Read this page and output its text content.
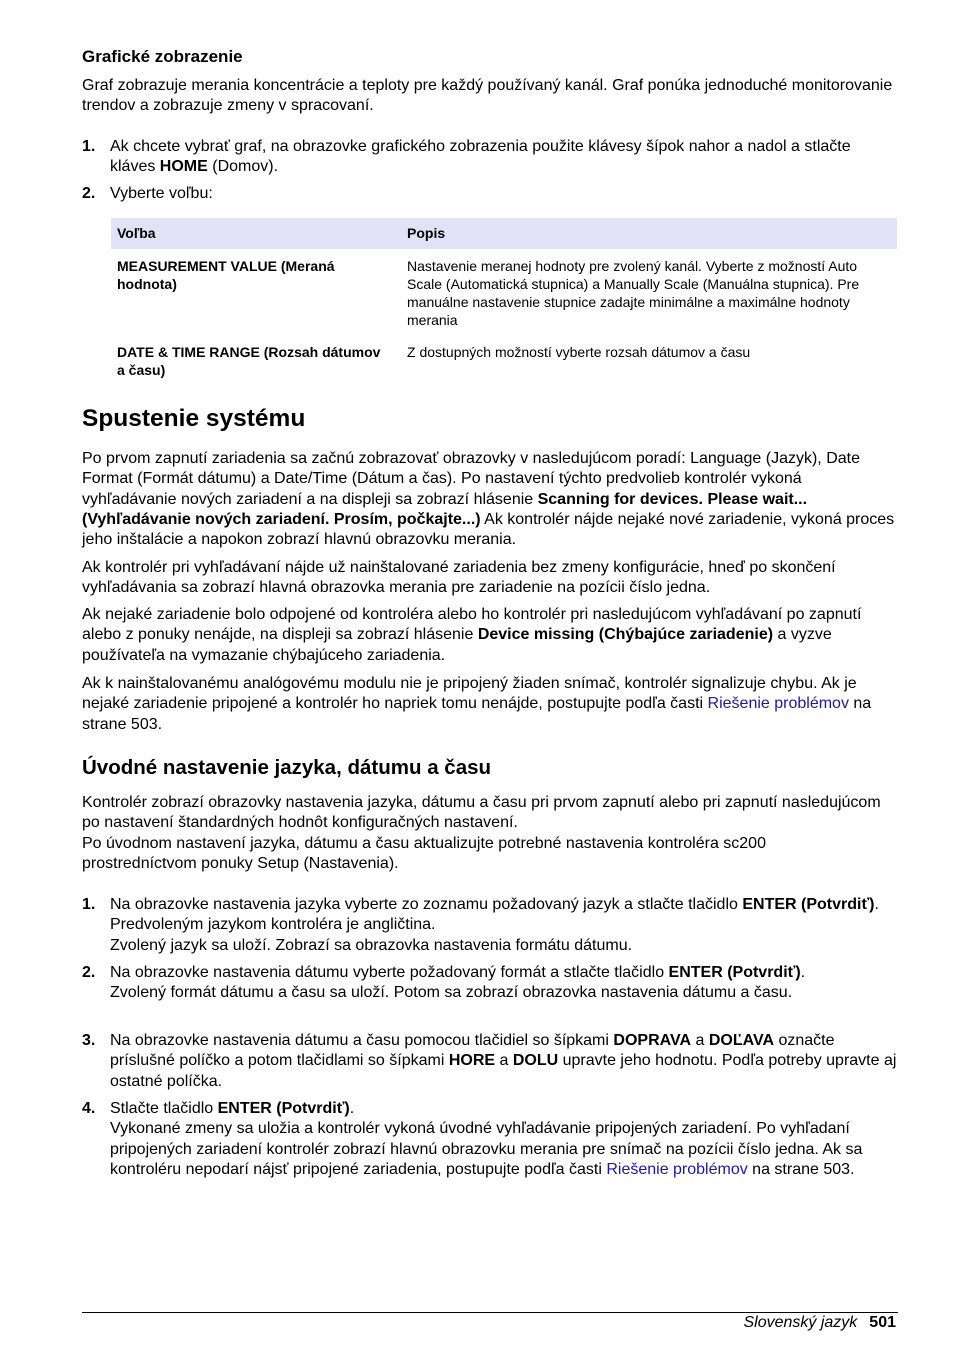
Grafické zobrazenie

Graf zobrazuje merania koncentrácie a teploty pre každý používaný kanál. Graf ponúka jednoduché monitorovanie trendov a zobrazuje zmeny v spracovaní.

1. Ak chcete vybrať graf, na obrazovke grafického zobrazenia použite klávesy šípok nahor a nadol a stlačte kláves HOME (Domov).
2. Vyberte voľbu:
Voľba	Popis
MEASUREMENT VALUE (Meraná hodnota)
Nastavenie meranej hodnoty pre zvolený kanál. Vyberte z možností Auto Scale (Automatická stupnica) a Manually Scale (Manuálna stupnica). Pre manuálne nastavenie stupnice zadajte minimálne a maximálne hodnoty merania
DATE & TIME RANGE (Rozsah dátumov a času)
Z dostupných možností vyberte rozsah dátumov a času
Spustenie systému

Po prvom zapnutí zariadenia sa začnú zobrazovať obrazovky v nasledujúcom poradí: Language (Jazyk), Date Format (Formát dátumu) a Date/Time (Dátum a čas). Po nastavení týchto predvolieb kontrolér vykoná vyhľadávanie nových zariadení a na displeji sa zobrazí hlásenie Scanning for devices. Please wait... (Vyhľadávanie nových zariadení. Prosím, počkajte...) Ak kontrolér nájde nejaké nové zariadenie, vykoná proces jeho inštalácie a napokon zobrazí hlavnú obrazovku merania.

Ak kontrolér pri vyhľadávaní nájde už nainštalované zariadenia bez zmeny konfigurácie, hneď po skončení vyhľadávania sa zobrazí hlavná obrazovka merania pre zariadenie na pozícii číslo jedna.

Ak nejaké zariadenie bolo odpojené od kontroléra alebo ho kontrolér pri nasledujúcom vyhľadávaní po zapnutí alebo z ponuky nenájde, na displeji sa zobrazí hlásenie Device missing (Chýbajúce zariadenie) a vyzve používateľa na vymazanie chýbajúceho zariadenia.

Ak k nainštalovanému analógovému modulu nie je pripojený žiaden snímač, kontrolér signalizuje chybu. Ak je nejaké zariadenie pripojené a kontrolér ho napriek tomu nenájde, postupujte podľa časti Riešenie problémov na strane 503.

Úvodné nastavenie jazyka, dátumu a času

Kontrolér zobrazí obrazovky nastavenia jazyka, dátumu a času pri prvom zapnutí alebo pri zapnutí nasledujúcom po nastavení štandardných hodnôt konfiguračných nastavení.

Po úvodnom nastavení jazyka, dátumu a času aktualizujte potrebné nastavenia kontroléra sc200 prostredníctvom ponuky Setup (Nastavenia).

1. Na obrazovke nastavenia jazyka vyberte zo zoznamu požadovaný jazyk a stlačte tlačidlo ENTER (Potvrdiť). Predvoleným jazykom kontroléra je angličtina.
Zvolený jazyk sa uloží. Zobrazí sa obrazovka nastavenia formátu dátumu.
2. Na obrazovke nastavenia dátumu vyberte požadovaný formát a stlačte tlačidlo ENTER (Potvrdiť).
Zvolený formát dátumu a času sa uloží. Potom sa zobrazí obrazovka nastavenia dátumu a času.
3. Na obrazovke nastavenia dátumu a času pomocou tlačidiel so šípkami DOPRAVA a DOĽAVA označte príslušné políčko a potom tlačidlami so šípkami HORE a DOLU upravte jeho hodnotu. Podľa potreby upravte aj ostatné políčka.
4. Stlačte tlačidlo ENTER (Potvrdiť).
Vykonané zmeny sa uložia a kontrolér vykoná úvodné vyhľadávanie pripojených zariadení. Po vyhľadaní pripojených zariadení kontrolér zobrazí hlavnú obrazovku merania pre snímač na pozícii číslo jedna. Ak sa kontroléru nepodarí nájsť pripojené zariadenia, postupujte podľa časti Riešenie problémov na strane 503.
Slovenský jazyk 501
